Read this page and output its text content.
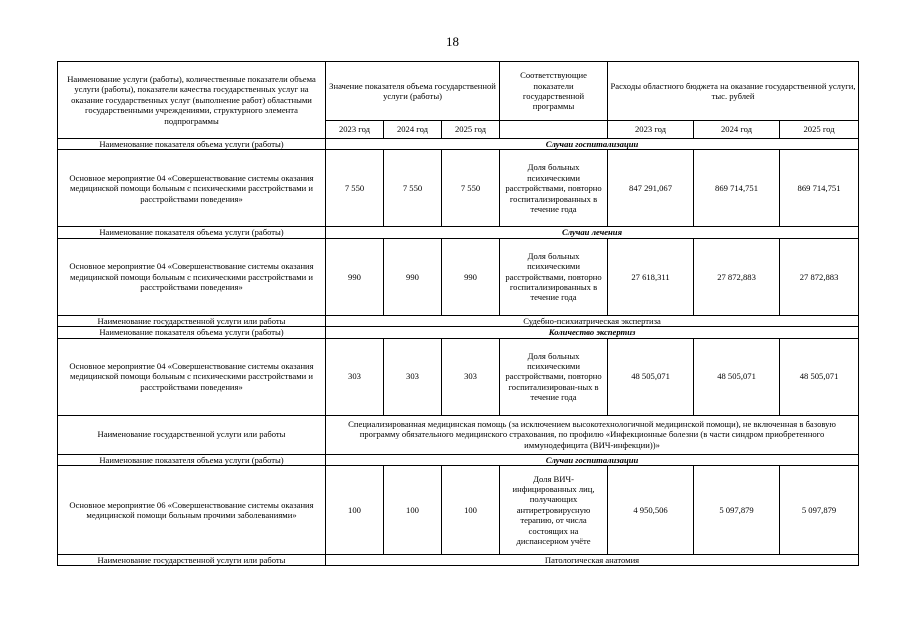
18
Наименование услуги (работы), количественные показатели объема услуги (работы), показатели качества государственных услуг на оказание государственных услуг (выполнение работ) областными государственными учреждениями, структурного элемента подпрограммы	Значение показателя объема государственной услуги (работы)			Соответствующие показатели государственной программы	Расходы областного бюджета на оказание государственной услуги, тыс. рублей		
	2023 год	2024 год	2025 год		2023 год	2024 год	2025 год
Наименование показателя объема услуги (работы)	Случаи госпитализации						
Основное мероприятие 04 «Совершенствование системы оказания медицинской помощи больным с психическими расстройствами и расстройствами поведения»	7 550	7 550	7 550	Доля больных психическими расстройствами, повторно госпитализированных в течение года	847 291,067	869 714,751	869 714,751
Наименование показателя объема услуги (работы)	Случаи лечения						
Основное мероприятие 04 «Совершенствование системы оказания медицинской помощи больным с психическими расстройствами и расстройствами поведения»	990	990	990	Доля больных психическими расстройствами, повторно госпитализированных в течение года	27 618,311	27 872,883	27 872,883
Наименование государственной услуги или работы	Судебно-психиатрическая экспертиза						
Наименование показателя объема услуги (работы)	Количество экспертиз						
Основное мероприятие 04 «Совершенствование системы оказания медицинской помощи больным с психическими расстройствами и расстройствами поведения»	303	303	303	Доля больных психическими расстройствами, повторно госпитализирован-ных в течение года	48 505,071	48 505,071	48 505,071
Наименование государственной услуги или работы	Специализированная медицинская помощь (за исключением высокотехнологичной медицинской помощи), не включенная в базовую программу обязательного медицинского страхования, по профилю «Инфекционные болезни (в части синдром приобретенного иммунодефицита (ВИЧ-инфекции))»						
Наименование показателя объема услуги (работы)	Случаи госпитализации						
Основное мероприятие 06 «Совершенствование системы оказания медицинской помощи больным прочими заболеваниями»	100	100	100	Доля ВИЧ-инфицированных лиц, получающих антиретровирусную терапию, от числа состоящих на диспансерном учёте	4 950,506	5 097,879	5 097,879
Наименование государственной услуги или работы	Патологическая анатомия						
